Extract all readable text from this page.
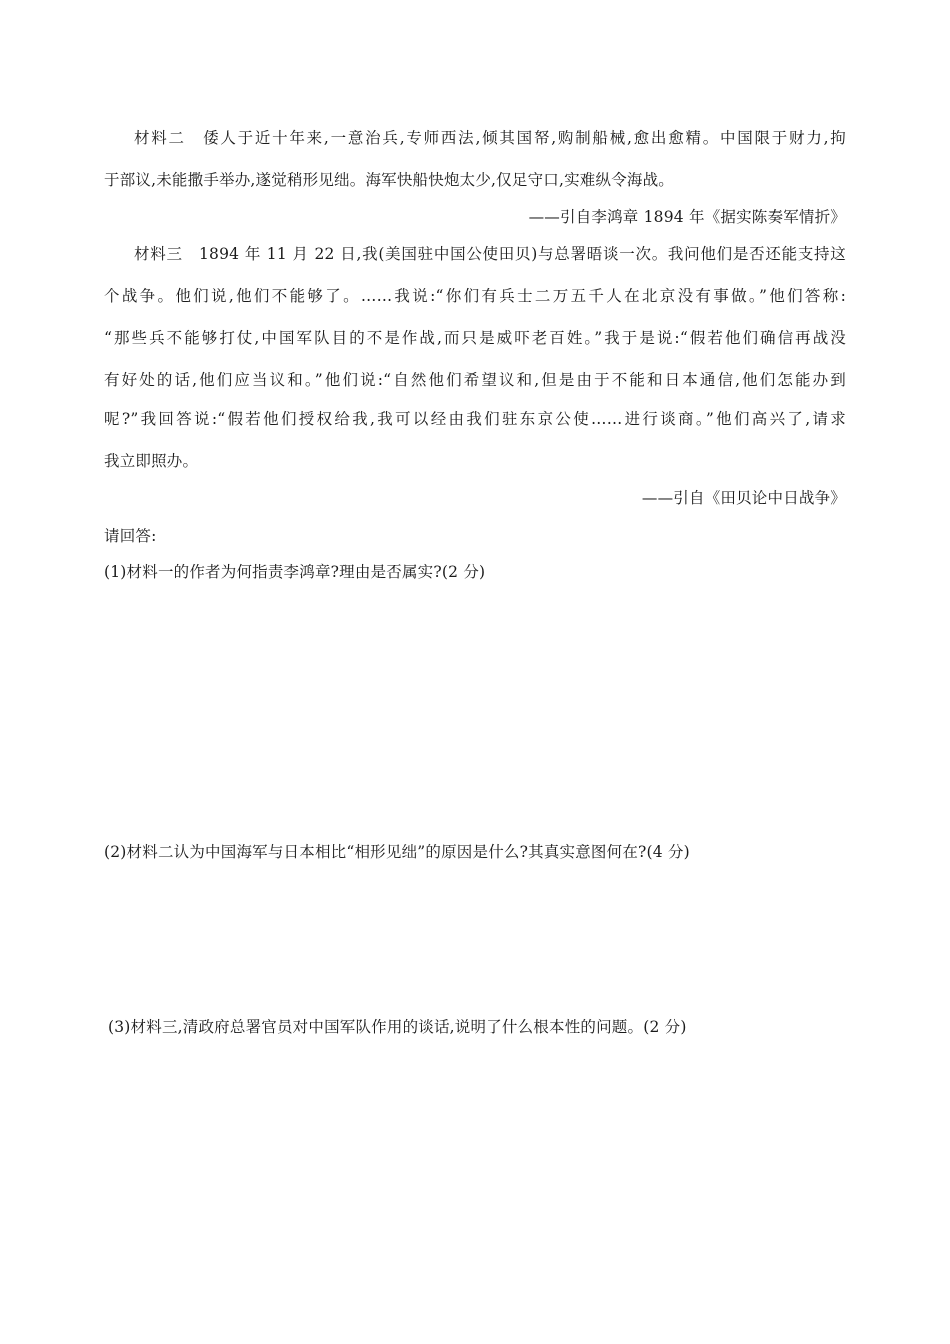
材料二　倭人于近十年来,一意治兵,专师西法,倾其国帑,购制船械,愈出愈精。中国限于财力,拘
于部议,未能撒手举办,遂觉稍形见绌。海军快船快炮太少,仅足守口,实难纵令海战。
——引自李鸿章 1894 年《据实陈奏军情折》
材料三　1894 年 11 月 22 日,我(美国驻中国公使田贝)与总署晤谈一次。我问他们是否还能支持这
个战争。他们说,他们不能够了。……我说:“你们有兵士二万五千人在北京没有事做。”他们答称:
“那些兵不能够打仗,中国军队目的不是作战,而只是威吓老百姓。”我于是说:“假若他们确信再战没
有好处的话,他们应当议和。”他们说:“自然他们希望议和,但是由于不能和日本通信,他们怎能办到
呢?”我回答说:“假若他们授权给我,我可以经由我们驻东京公使……进行谈商。”他们高兴了,请求
我立即照办。
——引自《田贝论中日战争》
请回答:
(1)材料一的作者为何指责李鸿章?理由是否属实?(2 分)
(2)材料二认为中国海军与日本相比“相形见绌”的原因是什么?其真实意图何在?(4 分)
(3)材料三,清政府总署官员对中国军队作用的谈话,说明了什么根本性的问题。(2 分)
